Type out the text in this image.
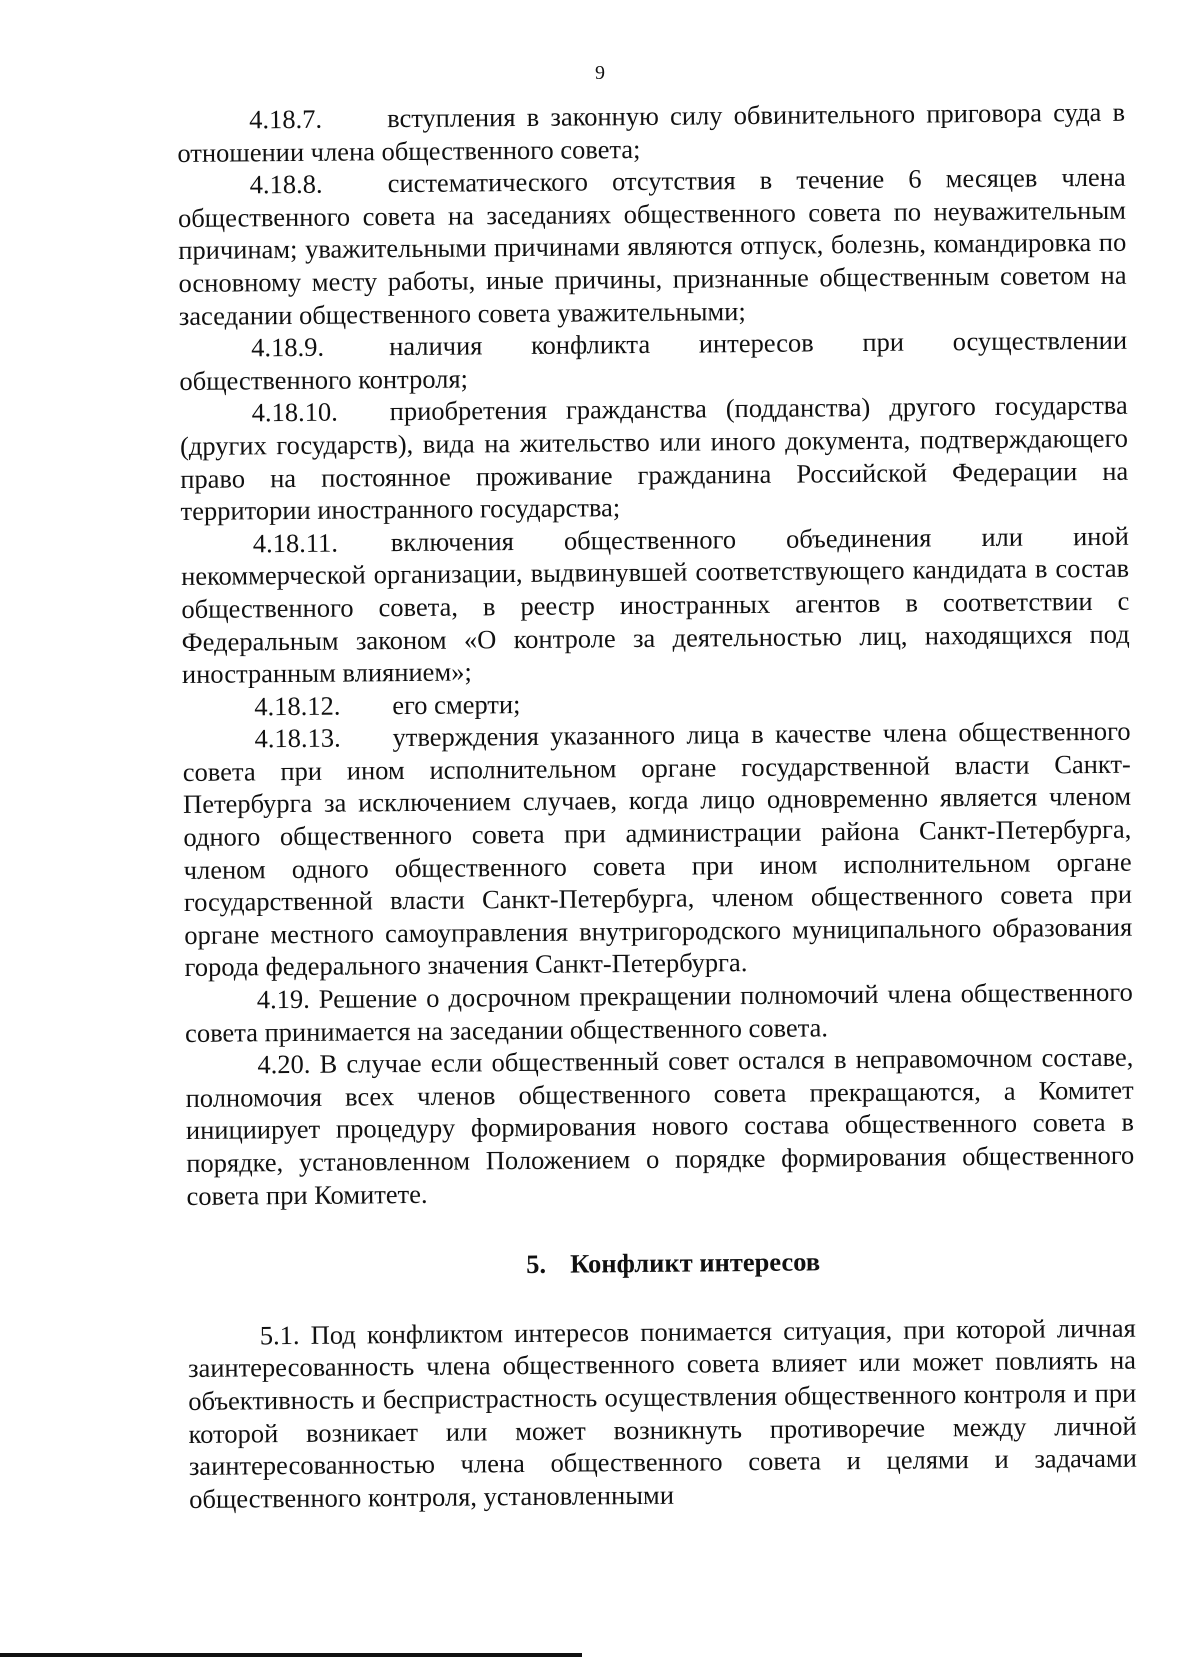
9

4.18.7. вступления в законную силу обвинительного приговора суда в отношении члена общественного совета;

4.18.8. систематического отсутствия в течение 6 месяцев члена общественного совета на заседаниях общественного совета по неуважительным причинам; уважительными причинами являются отпуск, болезнь, командировка по основному месту работы, иные причины, признанные общественным советом на заседании общественного совета уважительными;

4.18.9. наличия конфликта интересов при осуществлении общественного контроля;

4.18.10. приобретения гражданства (подданства) другого государства (других государств), вида на жительство или иного документа, подтверждающего право на постоянное проживание гражданина Российской Федерации на территории иностранного государства;

4.18.11. включения общественного объединения или иной некоммерческой организации, выдвинувшей соответствующего кандидата в состав общественного совета, в реестр иностранных агентов в соответствии с Федеральным законом «О контроле за деятельностью лиц, находящихся под иностранным влиянием»;

4.18.12. его смерти;

4.18.13. утверждения указанного лица в качестве члена общественного совета при ином исполнительном органе государственной власти Санкт-Петербурга за исключением случаев, когда лицо одновременно является членом одного общественного совета при администрации района Санкт-Петербурга, членом одного общественного совета при ином исполнительном органе государственной власти Санкт-Петербурга, членом общественного совета при органе местного самоуправления внутригородского муниципального образования города федерального значения Санкт-Петербурга.

4.19. Решение о досрочном прекращении полномочий члена общественного совета принимается на заседании общественного совета.

4.20. В случае если общественный совет остался в неправомочном составе, полномочия всех членов общественного совета прекращаются, а Комитет инициирует процедуру формирования нового состава общественного совета в порядке, установленном Положением о порядке формирования общественного совета при Комитете.

5. Конфликт интересов

5.1. Под конфликтом интересов понимается ситуация, при которой личная заинтересованность члена общественного совета влияет или может повлиять на объективность и беспристрастность осуществления общественного контроля и при которой возникает или может возникнуть противоречие между личной заинтересованностью члена общественного совета и целями и задачами общественного контроля, установленными
